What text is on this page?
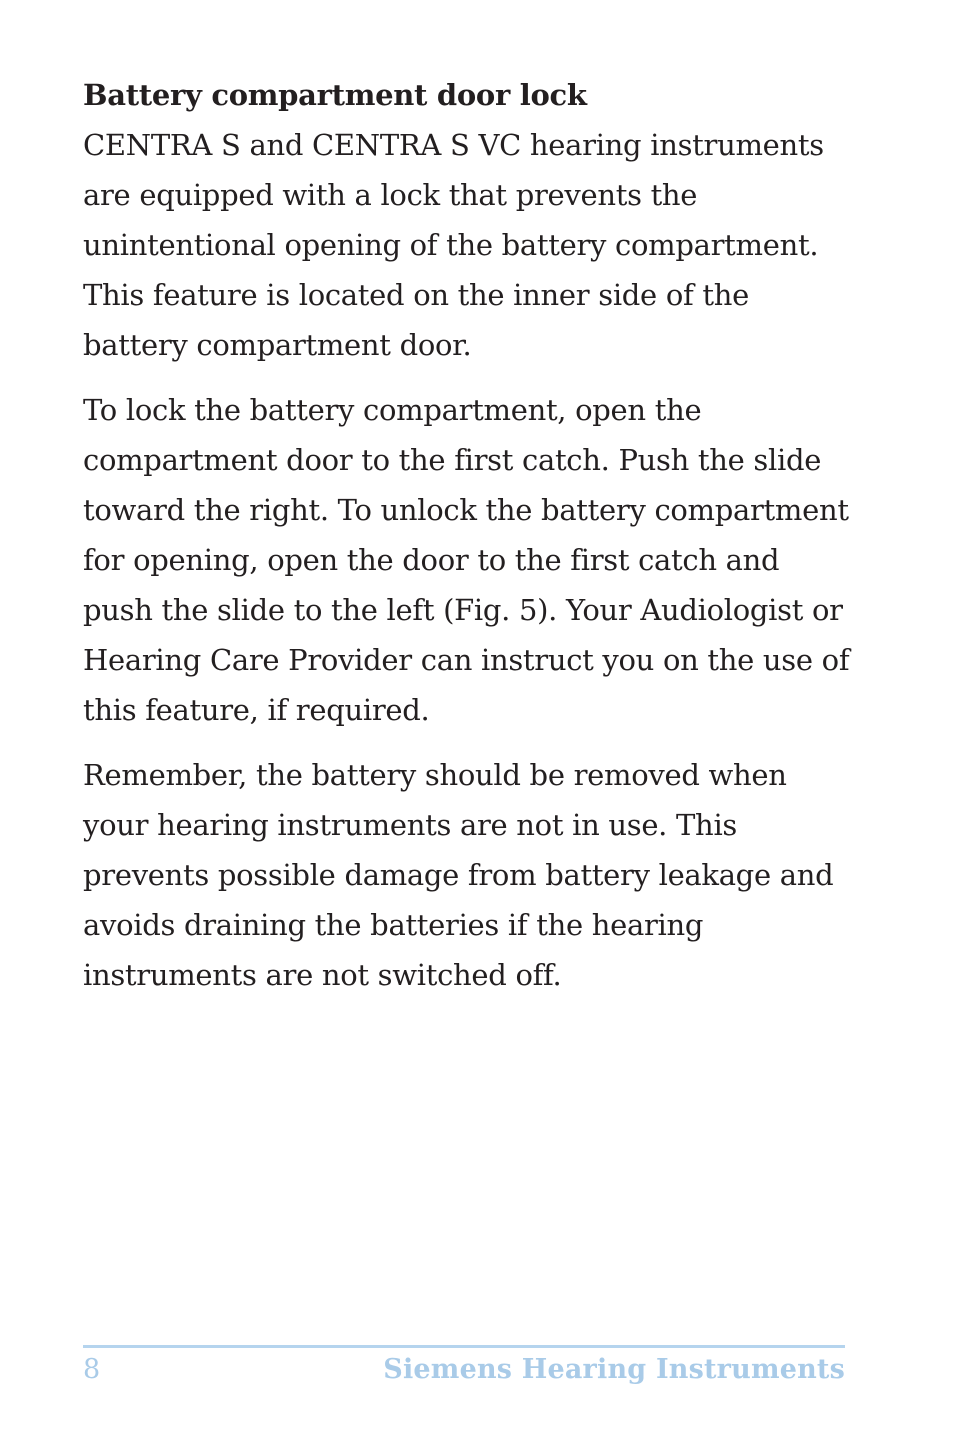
Battery compartment door lock

CENTRA S and CENTRA S VC hearing instruments are equipped with a lock that prevents the unintentional opening of the battery compartment. This feature is located on the inner side of the battery compartment door.

To lock the battery compartment, open the compartment door to the first catch. Push the slide toward the right. To unlock the battery compartment for opening, open the door to the first catch and push the slide to the left (Fig. 5). Your Audiologist or Hearing Care Provider can instruct you on the use of this feature, if required.

Remember, the battery should be removed when your hearing instruments are not in use. This prevents possible damage from battery leakage and avoids draining the batteries if the hearing instruments are not switched off.

8	Siemens Hearing Instruments
